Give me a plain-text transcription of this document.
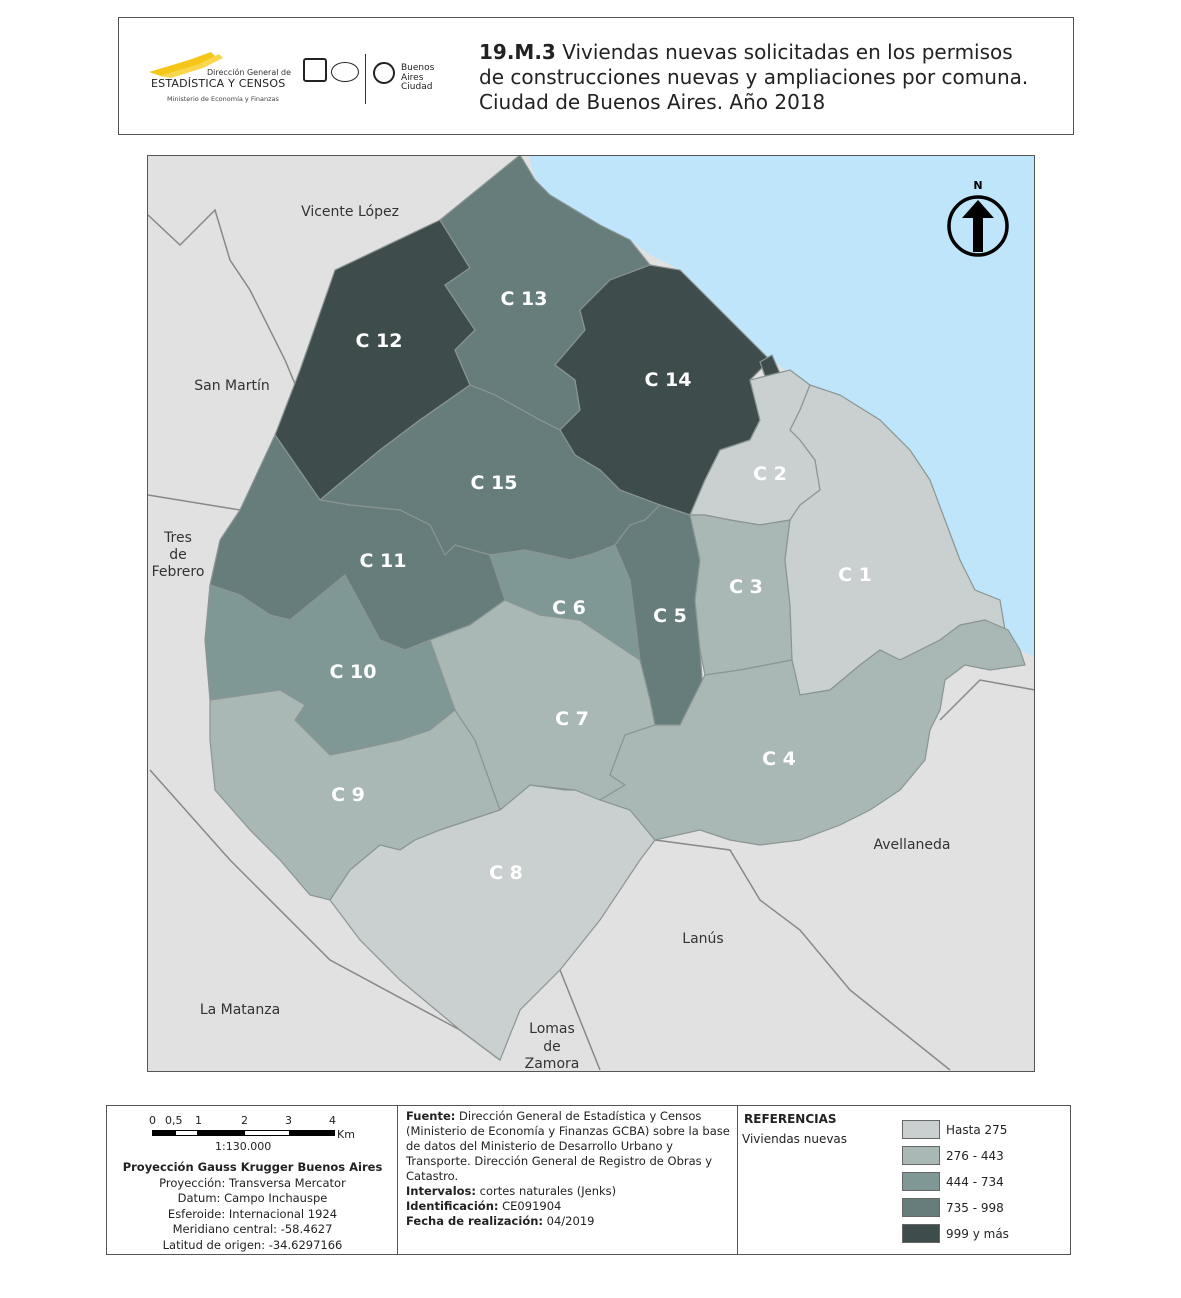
Dirección General de
ESTADÍSTICA Y CENSOS
Ministerio de Economía y Finanzas
Buenos
Aires
Ciudad
19.M.3 Viviendas nuevas solicitadas en los permisos
de construcciones nuevas y ampliaciones por comuna.
Ciudad de Buenos Aires. Año 2018
C 1
C 2
C 3
C 4
C 5
C 6
C 7
C 8
C 9
C 10
C 11
C 12
C 13
C 14
C 15
Vicente López
San Martín
Tres
de
Febrero
La Matanza
Lomas
de
Zamora
Lanús
Avellaneda
N
0 0,5 1	2	3	4
Km
1:130.000
Proyección Gauss Krugger Buenos Aires
Proyección: Transversa Mercator
Datum: Campo Inchauspe
Esferoide: Internacional 1924
Meridiano central: -58.4627
Latitud de origen: -34.6297166
Fuente: Dirección General de Estadística y Censos (Ministerio de Economía y Finanzas GCBA) sobre la base de datos del Ministerio de Desarrollo Urbano y Transporte. Dirección General de Registro de Obras y Catastro.
Intervalos: cortes naturales (Jenks)
Identificación: CE091904
Fecha de realización: 04/2019
REFERENCIAS
Viviendas nuevas
Hasta 275
276 - 443
444 - 734
735 - 998
999 y más
